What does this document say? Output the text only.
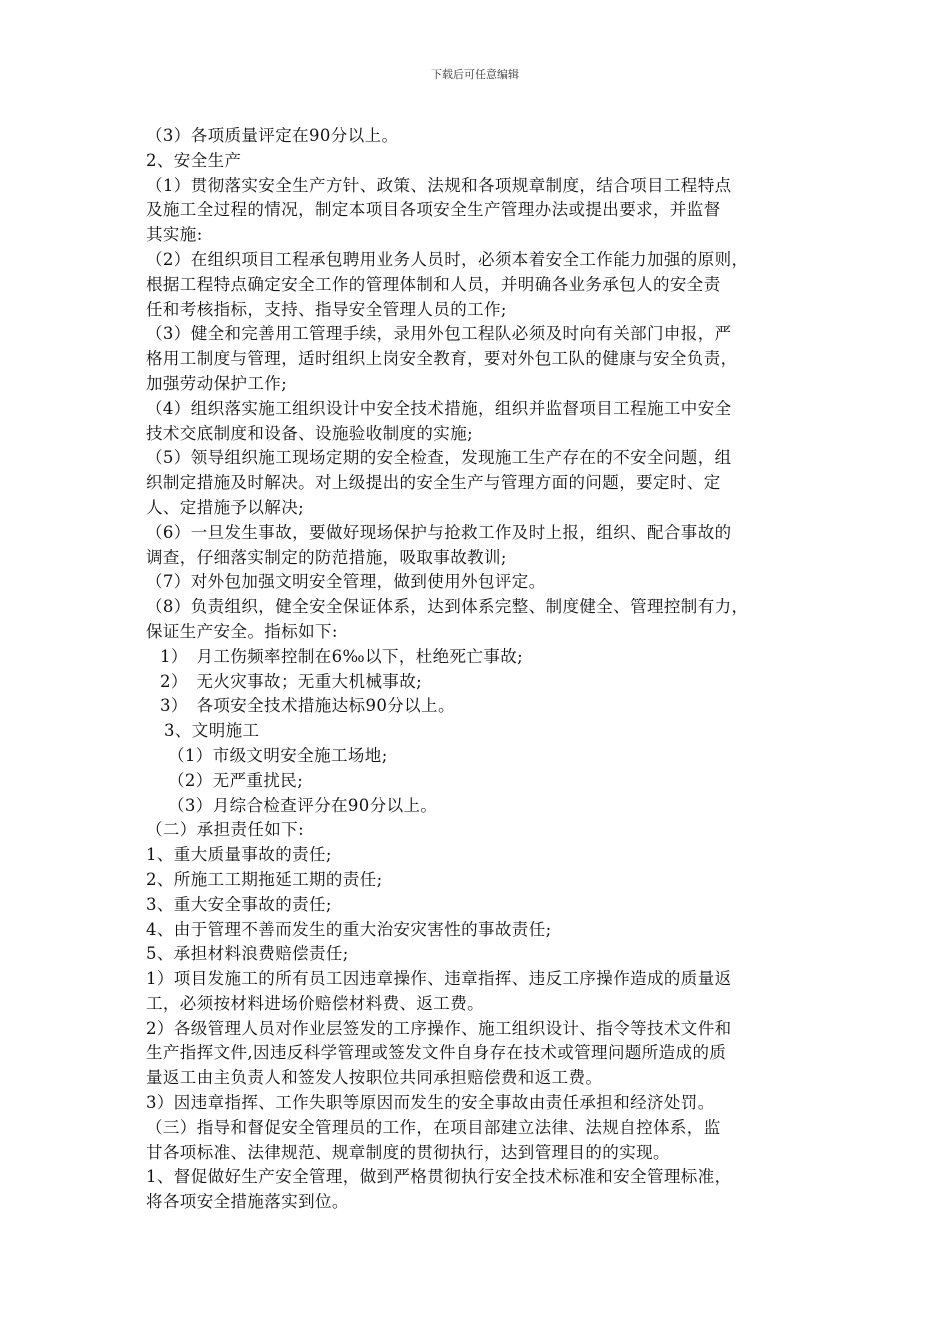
下载后可任意编辑
（3）各项质量评定在90分以上。
2、安全生产
（1）贯彻落实安全生产方针、政策、法规和各项规章制度，结合项目工程特点
及施工全过程的情况，制定本项目各项安全生产管理办法或提出要求，并监督
其实施:
（2）在组织项目工程承包聘用业务人员时，必须本着安全工作能力加强的原则，
根据工程特点确定安全工作的管理体制和人员，并明确各业务承包人的安全责
任和考核指标，支持、指导安全管理人员的工作;
（3）健全和完善用工管理手续，录用外包工程队必须及时向有关部门申报，严
格用工制度与管理，适时组织上岗安全教育，要对外包工队的健康与安全负责，
加强劳动保护工作;
（4）组织落实施工组织设计中安全技术措施，组织并监督项目工程施工中安全
技术交底制度和设备、设施验收制度的实施;
（5）领导组织施工现场定期的安全检查，发现施工生产存在的不安全问题，组
织制定措施及时解决。对上级提出的安全生产与管理方面的问题，要定时、定
人、定措施予以解决;
（6）一旦发生事故，要做好现场保护与抢救工作及时上报，组织、配合事故的
调查，仔细落实制定的防范措施，吸取事故教训;
（7）对外包加强文明安全管理，做到使用外包评定。
（8）负责组织，健全安全保证体系，达到体系完整、制度健全、管理控制有力，
保证生产安全。指标如下:
1）　月工伤频率控制在6‰以下，杜绝死亡事故;
2）　无火灾事故；无重大机械事故;
3）　各项安全技术措施达标90分以上。
3、文明施工
（1）市级文明安全施工场地;
（2）无严重扰民;
（3）月综合检查评分在90分以上。
（二）承担责任如下:
1、重大质量事故的责任;
2、所施工工期拖延工期的责任;
3、重大安全事故的责任;
4、由于管理不善而发生的重大治安灾害性的事故责任;
5、承担材料浪费赔偿责任;
1）项目发施工的所有员工因违章操作、违章指挥、违反工序操作造成的质量返
工，必须按材料进场价赔偿材料费、返工费。
2）各级管理人员对作业层签发的工序操作、施工组织设计、指令等技术文件和
生产指挥文件,因违反科学管理或签发文件自身存在技术或管理问题所造成的质
量返工由主负责人和签发人按职位共同承担赔偿费和返工费。
3）因违章指挥、工作失职等原因而发生的安全事故由责任承担和经济处罚。
（三）指导和督促安全管理员的工作，在项目部建立法律、法规自控体系，监
甘各项标准、法律规范、规章制度的贯彻执行，达到管理目的的实现。
1、督促做好生产安全管理，做到严格贯彻执行安全技术标准和安全管理标准，
将各项安全措施落实到位。
